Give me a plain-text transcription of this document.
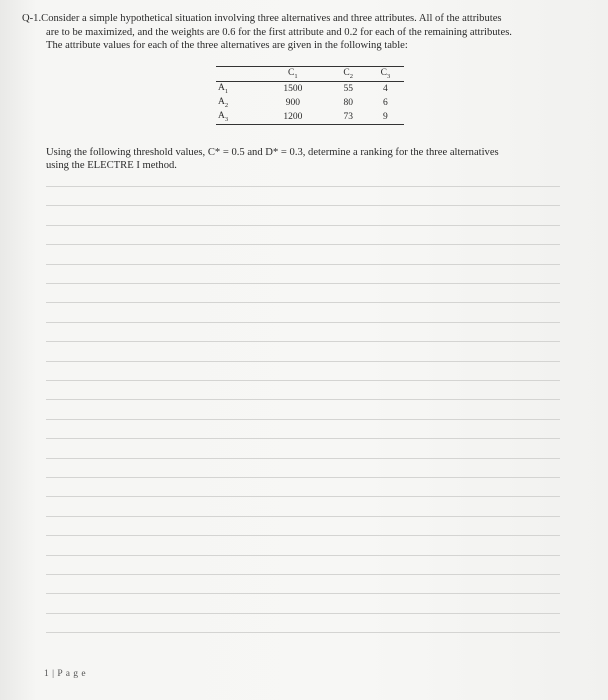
Q-1.Consider a simple hypothetical situation involving three alternatives and three attributes. All of the attributes
are to be maximized, and the weights are 0.6 for the first attribute and 0.2 for each of the remaining attributes.
The attribute values for each of the three alternatives are given in the following table:
	$C_1$	$C_2$	$C_3$
$A_1$	1500	55	4
$A_2$	900	80	6
$A_3$	1200	73	9
Using the following threshold values, C* = 0.5 and D* = 0.3, determine a ranking for the three alternatives
using the ELECTRE I method.
1 | P a g e
